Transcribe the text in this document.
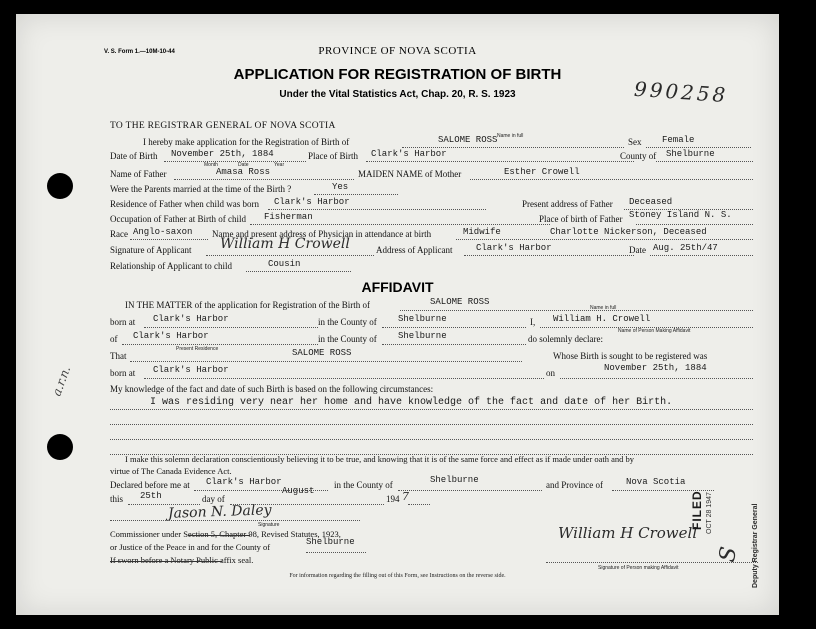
V. S. Form 1.—10M-10-44	PROVINCE OF NOVA SCOTIA
APPLICATION FOR REGISTRATION OF BIRTH
Under the Vital Statistics Act, Chap. 20, R. S. 1923	990258
TO THE REGISTRAR GENERAL OF NOVA SCOTIA
Name in full
I hereby make application for the Registration of Birth of	SALOME ROSS	Sex Female
Date of Birth November 25th, 1884
Month	Date	Year
Place of Birth Clark's Harbor	County of Shelburne
Name of Father	Amasa Ross	MAIDEN NAME of Mother	Esther Crowell
Were the Parents married at the time of the Birth ?	Yes
Residence of Father when child was born Clark's Harbor	Present address of Father Deceased
Occupation of Father at Birth of child Fisherman	Place of birth of Father Stoney Island N. S.
Race Anglo-saxon Name and present address of Physician in attendance at birth	Midwife	Charlotte Nickerson, Deceased
Signature of Applicant William H Crowell	Address of Applicant	Clark's Harbor	Date Aug. 25th/47
Relationship of Applicant to child	Cousin
AFFIDAVIT
Name in full
IN THE MATTER of the application for Registration of the Birth of	SALOME ROSS
born at Clark's Harbor	in the County of Shelburne	I, William H. Crowell
Name of Person Making Affidavit
of Clark's Harbor
Present Residence
in the County of Shelburne	do solemnly declare:
That	SALOME ROSS	Whose Birth is sought to be registered was
born at Clark's Harbor	on	November 25th, 1884
My knowledge of the fact and date of such Birth is based on the following circumstances:
I was residing very near her home and have knowledge of the fact and date of her Birth.
I make this solemn declaration conscientiously believing it to be true, and knowing that it is of the same force and effect as if made under oath and by
virtue of The Canada Evidence Act.
Declared before me at Clark's Harbor	in the County of	Shelburne	and Province of	Nova Scotia
this 25th	day of
August
194 7
Jason N. Daley
Signature
Commissioner under Section 5, Chapter 98, Revised Statutes, 1923,
or Justice of the Peace in and for the County of	Shelburne
If sworn before a Notary Public affix seal.
William H Crowell
Signature of Person making Affidavit
FILED OCT 28 1947	Deputy Registrar General
S
a.r.n.
For information regarding the filling out of this Form, see Instructions on the reverse side.
